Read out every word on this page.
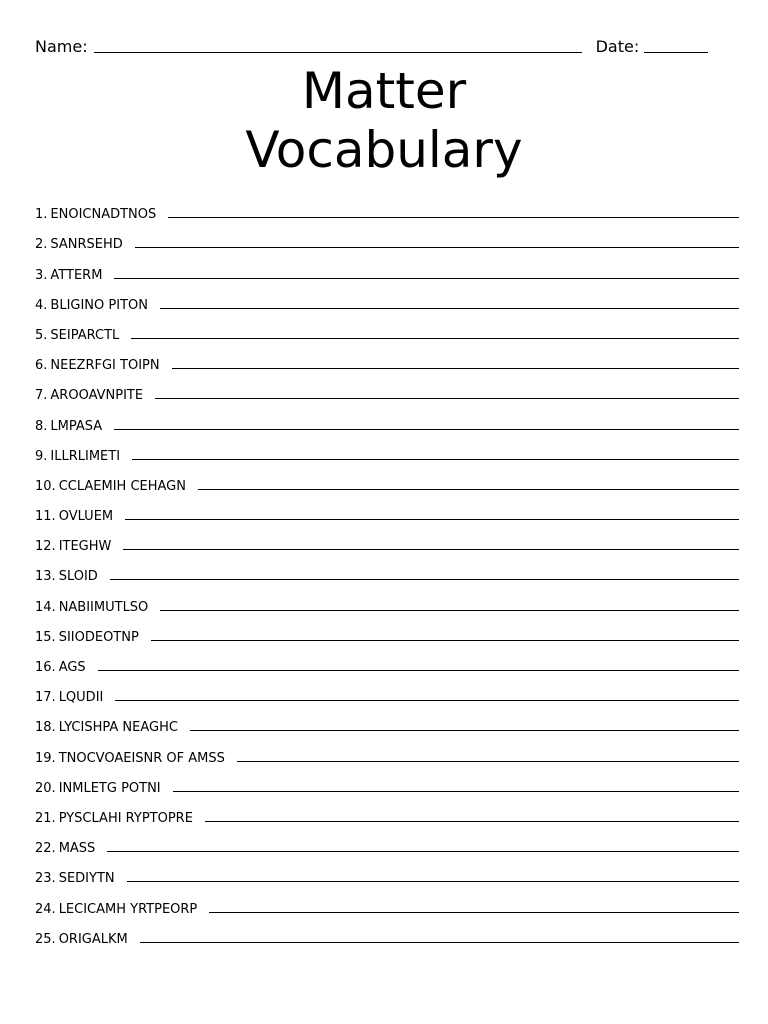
Name:	Date:
Matter
Vocabulary
1. ENOICNADTNOS
2. SANRSEHD
3. ATTERM
4. BLIGINO PITON
5. SEIPARCTL
6. NEEZRFGI TOIPN
7. AROOAVNPITE
8. LMPASA
9. ILLRLIMETI
10. CCLAEMIH CEHAGN
11. OVLUEM
12. ITEGHW
13. SLOID
14. NABIIMUTLSO
15. SIIODEOTNP
16. AGS
17. LQUDII
18. LYCISHPA NEAGHC
19. TNOCVOAEISNR OF AMSS
20. INMLETG POTNI
21. PYSCLAHI RYPTOPRE
22. MASS
23. SEDIYTN
24. LECICAMH YRTPEORP
25. ORIGALKM
